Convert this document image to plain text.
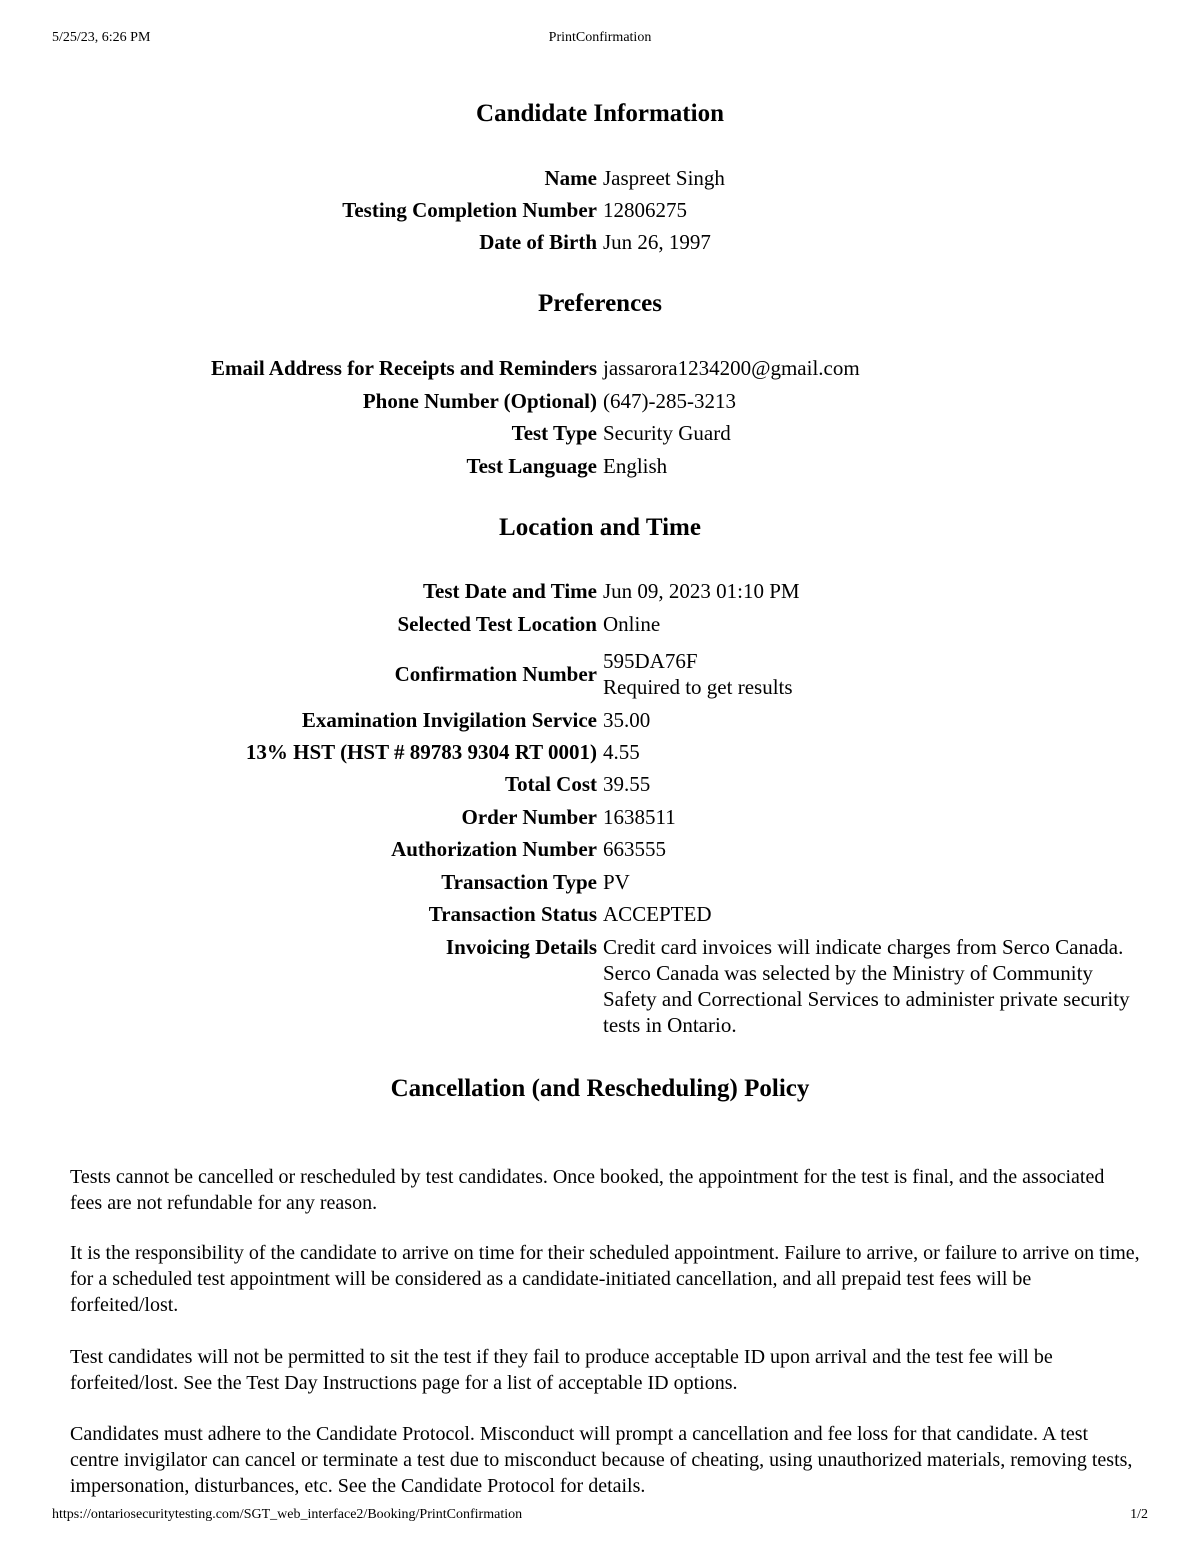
5/25/23, 6:26 PM	PrintConfirmation
Candidate Information
Name Jaspreet Singh
Testing Completion Number 12806275
Date of Birth Jun 26, 1997
Preferences
Email Address for Receipts and Reminders jassarora1234200@gmail.com
Phone Number (Optional) (647)-285-3213
Test Type Security Guard
Test Language English
Location and Time
Test Date and Time Jun 09, 2023 01:10 PM
Selected Test Location Online
Confirmation Number
595DA76F
Required to get results
Examination Invigilation Service 35.00
13% HST (HST # 89783 9304 RT 0001) 4.55
Total Cost 39.55
Order Number 1638511
Authorization Number 663555
Transaction Type PV
Transaction Status ACCEPTED
Invoicing Details Credit card invoices will indicate charges from Serco Canada. Serco Canada was selected by the Ministry of Community Safety and Correctional Services to administer private security tests in Ontario.
Cancellation (and Rescheduling) Policy

Tests cannot be cancelled or rescheduled by test candidates. Once booked, the appointment for the test is final, and the associated fees are not refundable for any reason.

It is the responsibility of the candidate to arrive on time for their scheduled appointment. Failure to arrive, or failure to arrive on time, for a scheduled test appointment will be considered as a candidate-initiated cancellation, and all prepaid test fees will be forfeited/lost.

Test candidates will not be permitted to sit the test if they fail to produce acceptable ID upon arrival and the test fee will be forfeited/lost. See the Test Day Instructions page for a list of acceptable ID options.

Candidates must adhere to the Candidate Protocol. Misconduct will prompt a cancellation and fee loss for that candidate. A test centre invigilator can cancel or terminate a test due to misconduct because of cheating, using unauthorized materials, removing tests, impersonation, disturbances, etc. See the Candidate Protocol for details.

https://ontariosecuritytesting.com/SGT_web_interface2/Booking/PrintConfirmation	1/2
